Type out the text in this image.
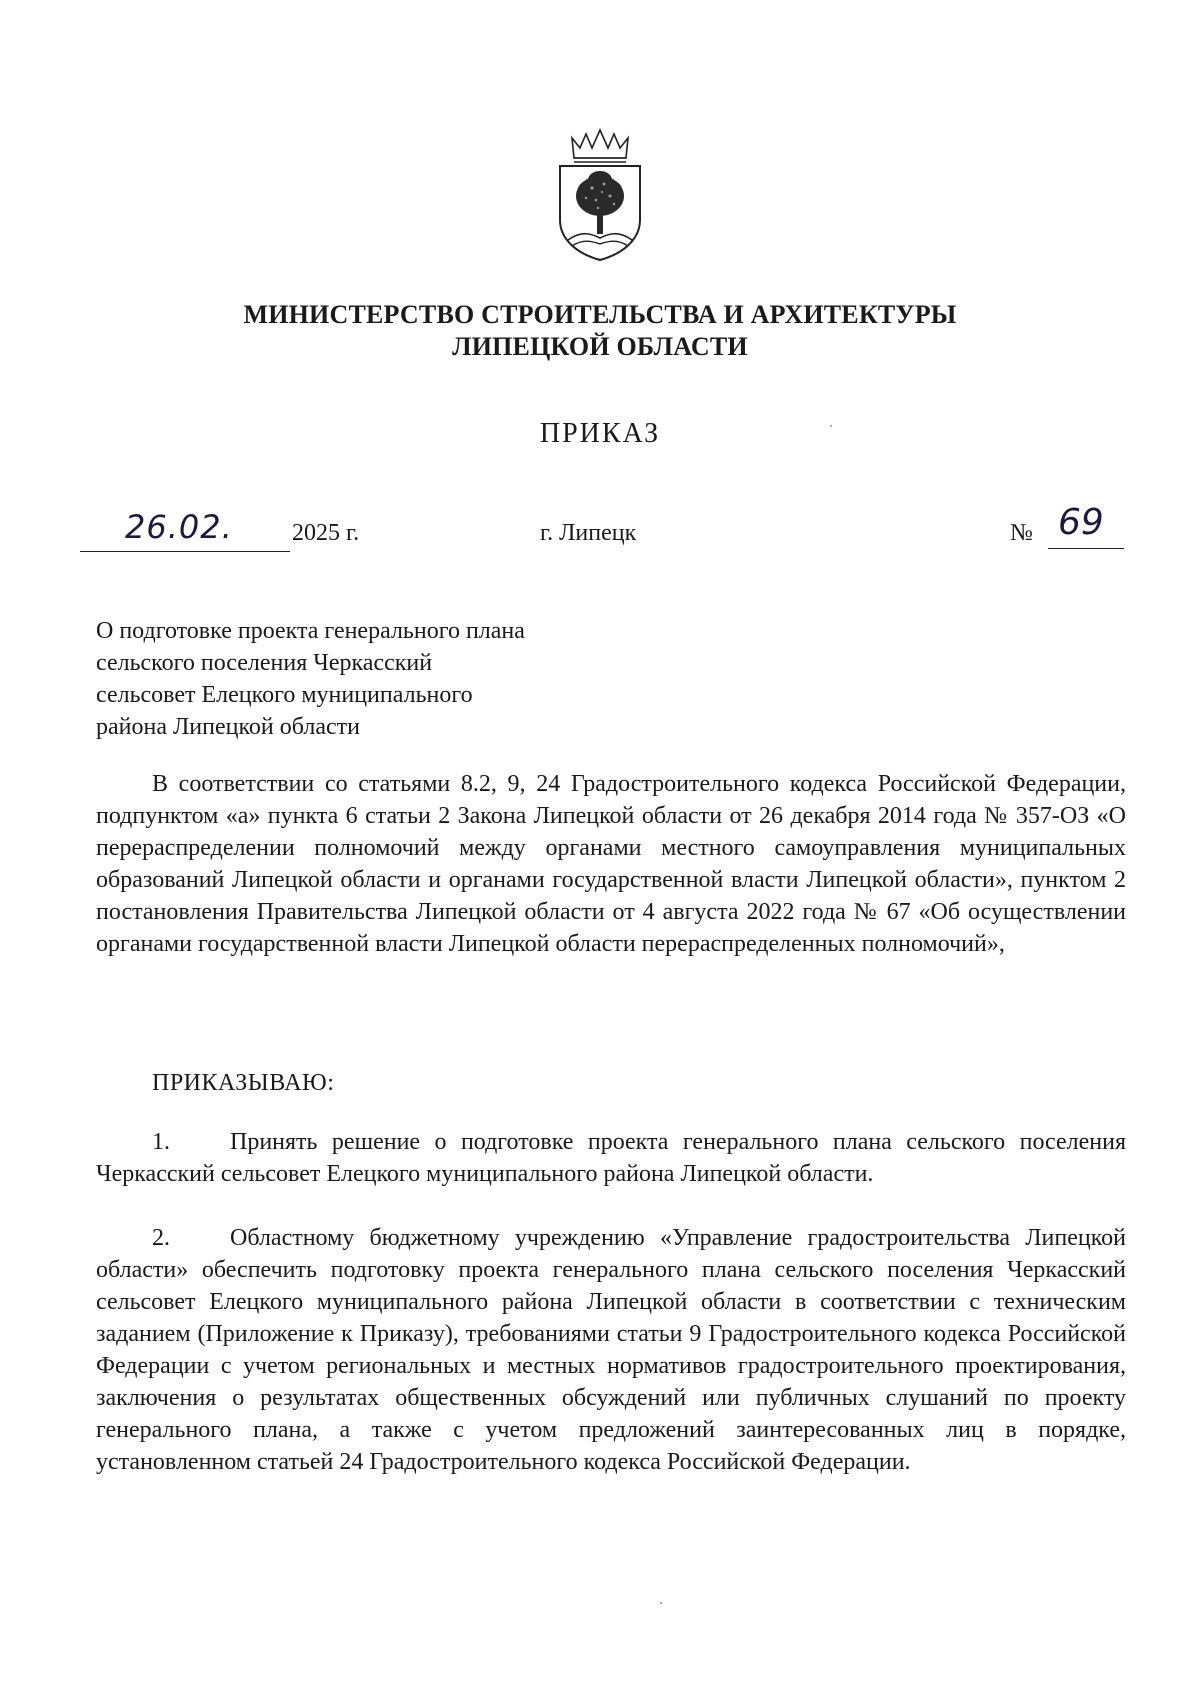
МИНИСТЕРСТВО СТРОИТЕЛЬСТВА И АРХИТЕКТУРЫ
ЛИПЕЦКОЙ ОБЛАСТИ
ПРИКАЗ
26.02. 2025 г.	г. Липецк	№ 69
О подготовке проекта генерального плана
сельского поселения Черкасский
сельсовет Елецкого муниципального
района Липецкой области
В соответствии со статьями 8.2, 9, 24 Градостроительного кодекса Российской Федерации, подпунктом «а» пункта 6 статьи 2 Закона Липецкой области от 26 декабря 2014 года № 357-ОЗ «О перераспределении полномочий между органами местного самоуправления муниципальных образований Липецкой области и органами государственной власти Липецкой области», пунктом 2 постановления Правительства Липецкой области от 4 августа 2022 года № 67 «Об осуществлении органами государственной власти Липецкой области перераспределенных полномочий»,
ПРИКАЗЫВАЮ:
1.	Принять решение о подготовке проекта генерального плана сельского поселения Черкасский сельсовет Елецкого муниципального района Липецкой области.
2.	Областному бюджетному учреждению «Управление градостроительства Липецкой области» обеспечить подготовку проекта генерального плана сельского поселения Черкасский сельсовет Елецкого муниципального района Липецкой области в соответствии с техническим заданием (Приложение к Приказу), требованиями статьи 9 Градостроительного кодекса Российской Федерации с учетом региональных и местных нормативов градостроительного проектирования, заключения о результатах общественных обсуждений или публичных слушаний по проекту генерального плана, а также с учетом предложений заинтересованных лиц в порядке, установленном статьей 24 Градостроительного кодекса Российской Федерации.
